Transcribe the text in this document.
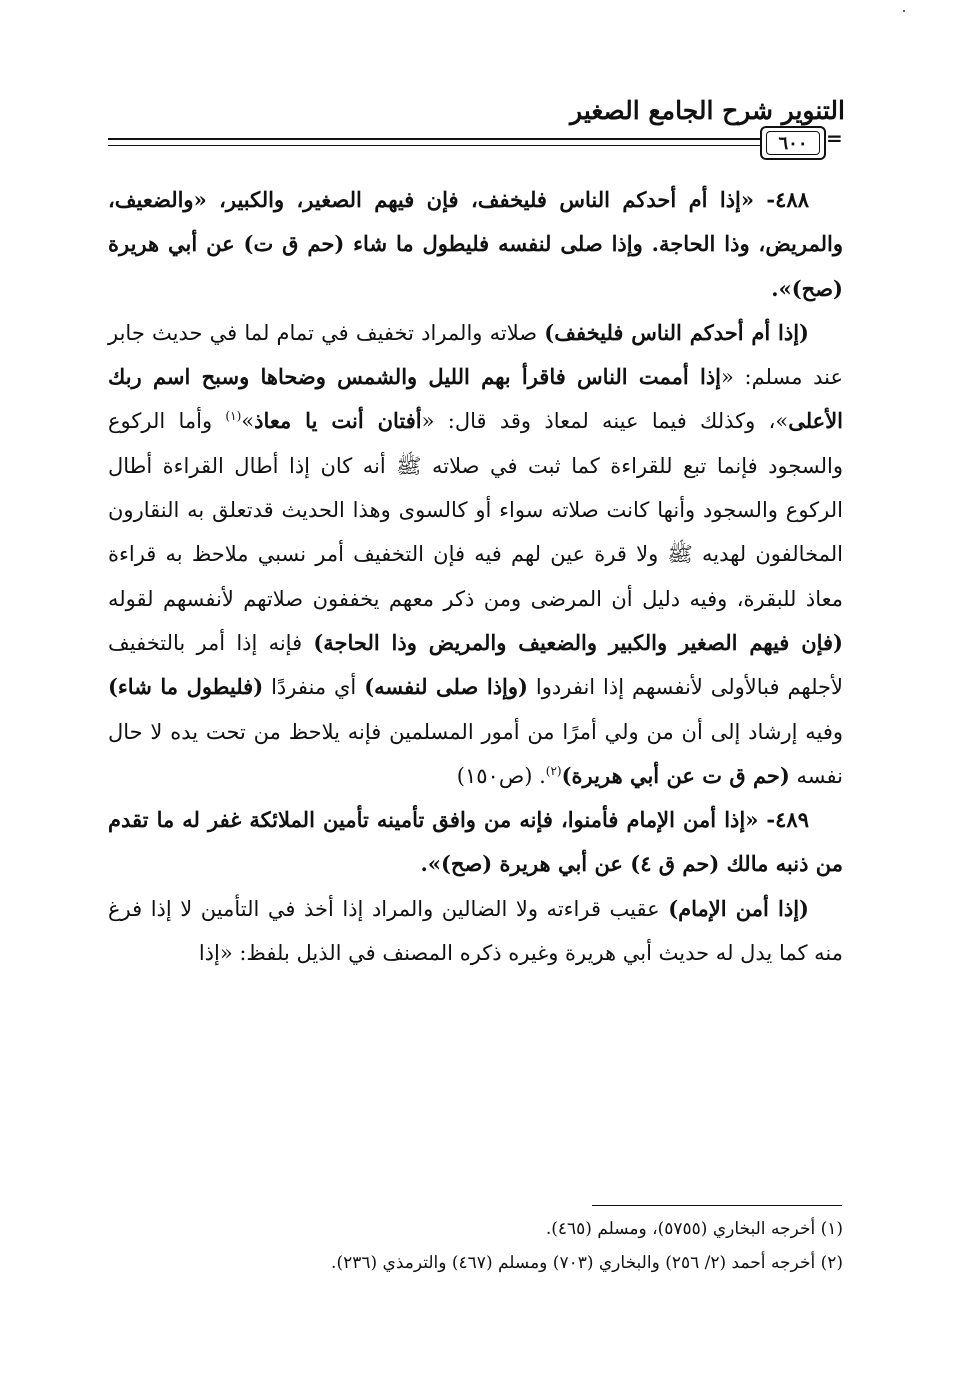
التنوير شرح الجامع الصغير
٦٠٠ =

٤٨٨- «إذا أم أحدكم الناس فليخفف، فإن فيهم الصغير، والكبير، «والضعيف، والمريض، وذا الحاجة. وإذا صلى لنفسه فليطول ما شاء (حم ق ت) عن أبي هريرة (صح)».

(إذا أم أحدكم الناس فليخفف) صلاته والمراد تخفيف في تمام لما في حديث جابر عند مسلم: «إذا أممت الناس فاقرأ بهم الليل والشمس وضحاها وسبح اسم ربك الأعلى»، وكذلك فيما عينه لمعاذ وقد قال: «أفتان أنت يا معاذ»$^{(١)}$ وأما الركوع والسجود فإنما تبع للقراءة كما ثبت في صلاته ﷺ أنه كان إذا أطال القراءة أطال الركوع والسجود وأنها كانت صلاته سواء أو كالسوى وهذا الحديث قدتعلق به النقارون المخالفون لهديه ﷺ ولا قرة عين لهم فيه فإن التخفيف أمر نسبي ملاحظ به قراءة معاذ للبقرة، وفيه دليل أن المرضى ومن ذكر معهم يخففون صلاتهم لأنفسهم لقوله (فإن فيهم الصغير والكبير والضعيف والمريض وذا الحاجة) فإنه إذا أمر بالتخفيف لأجلهم فبالأولى لأنفسهم إذا انفردوا (وإذا صلى لنفسه) أي منفردًا (فليطول ما شاء) وفيه إرشاد إلى أن من ولي أمرًا من أمور المسلمين فإنه يلاحظ من تحت يده لا حال نفسه (حم ق ت عن أبي هريرة)$^{(٢)}$. (ص١٥٠)

٤٨٩- «إذا أمن الإمام فأمنوا، فإنه من وافق تأمينه تأمين الملائكة غفر له ما تقدم من ذنبه مالك (حم ق ٤) عن أبي هريرة (صح)».

(إذا أمن الإمام) عقيب قراءته ولا الضالين والمراد إذا أخذ في التأمين لا إذا فرغ منه كما يدل له حديث أبي هريرة وغيره ذكره المصنف في الذيل بلفظ: «إذا

(١) أخرجه البخاري (٥٧٥٥)، ومسلم (٤٦٥).

(٢) أخرجه أحمد (٢/ ٢٥٦) والبخاري (٧٠٣) ومسلم (٤٦٧) والترمذي (٢٣٦).
